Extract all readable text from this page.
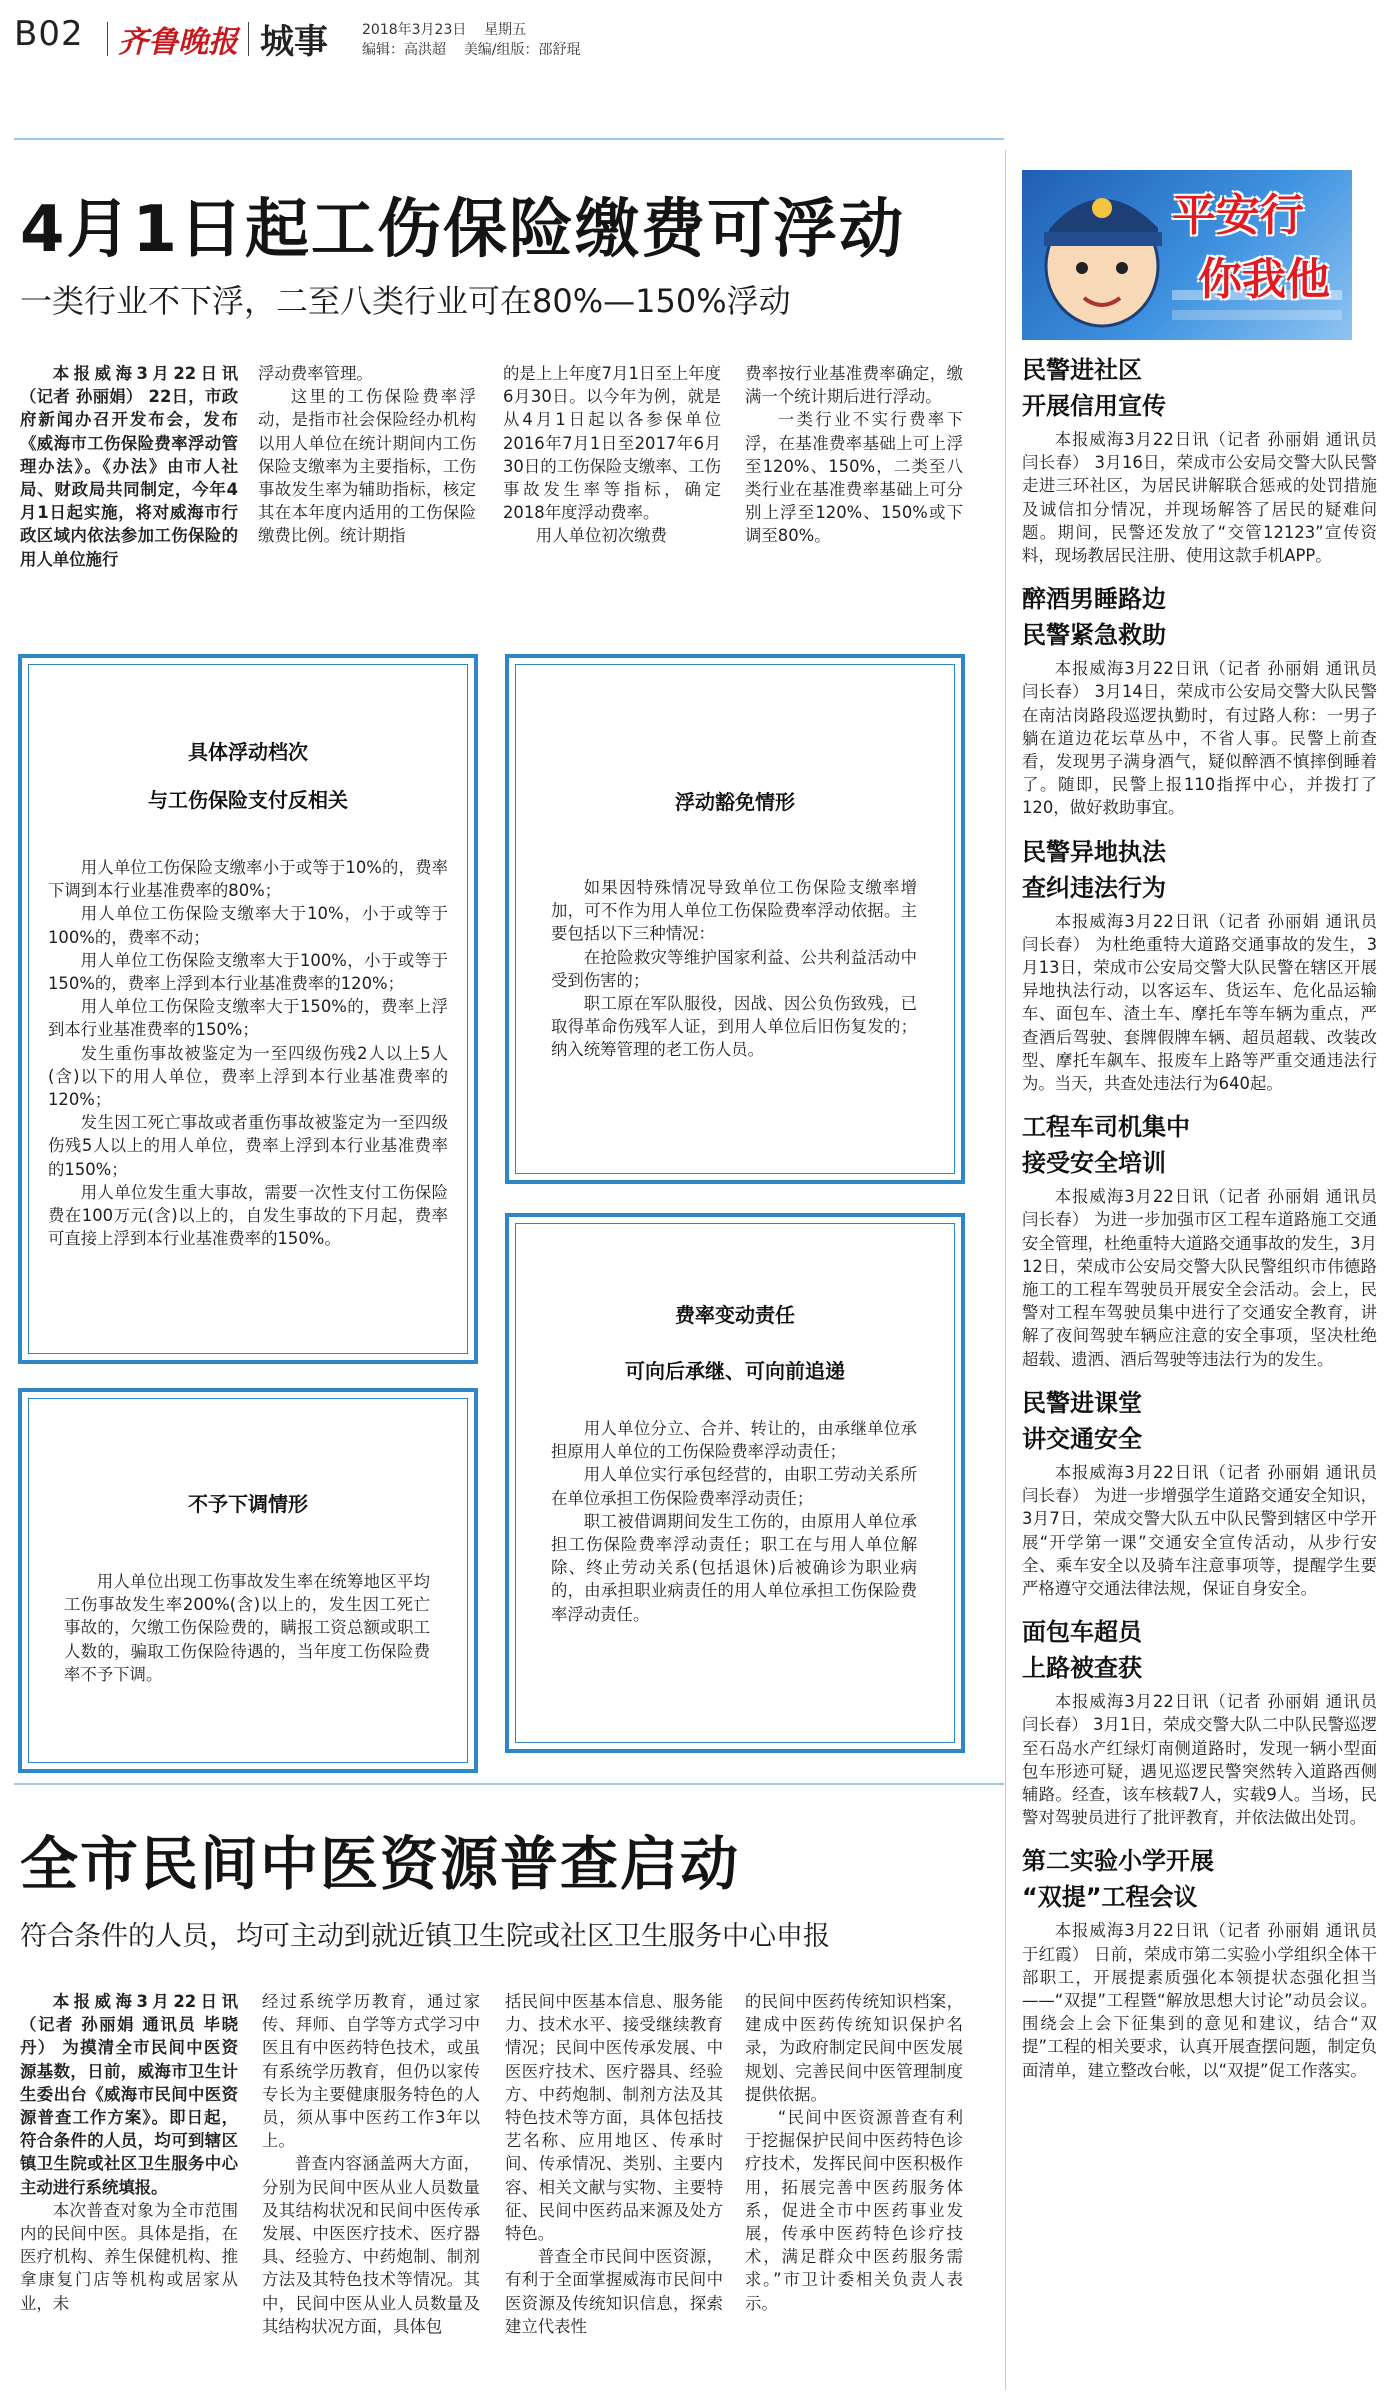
B02 齐鲁晚报 城事 2018年3月23日 星期五
编辑：高洪超 美编/组版：邵舒琨
4月1日起工伤保险缴费可浮动
一类行业不下浮，二至八类行业可在80%—150%浮动

本报威海3月22日讯 （记者 孙丽娟） 22日，市政府新闻办召开发布会，发布《威海市工伤保险费率浮动管理办法》。《办法》由市人社局、财政局共同制定，今年4月1日起实施，将对威海市行政区域内依法参加工伤保险的用人单位施行

浮动费率管理。

这里的工伤保险费率浮动，是指市社会保险经办机构以用人单位在统计期间内工伤保险支缴率为主要指标，工伤事故发生率为辅助指标，核定其在本年度内适用的工伤保险缴费比例。统计期指

的是上上年度7月1日至上年度6月30日。以今年为例，就是从4月1日起以各参保单位2016年7月1日至2017年6月30日的工伤保险支缴率、工伤事故发生率等指标，确定2018年度浮动费率。

用人单位初次缴费

费率按行业基准费率确定，缴满一个统计期后进行浮动。

一类行业不实行费率下浮，在基准费率基础上可上浮至120%、150%，二类至八类行业在基准费率基础上可分别上浮至120%、150%或下调至80%。

具体浮动档次
与工伤保险支付反相关

用人单位工伤保险支缴率小于或等于10%的，费率下调到本行业基准费率的80%；

用人单位工伤保险支缴率大于10%，小于或等于100%的，费率不动；

用人单位工伤保险支缴率大于100%，小于或等于150%的，费率上浮到本行业基准费率的120%；

用人单位工伤保险支缴率大于150%的，费率上浮到本行业基准费率的150%；

发生重伤事故被鉴定为一至四级伤残2人以上5人(含)以下的用人单位，费率上浮到本行业基准费率的120%；

发生因工死亡事故或者重伤事故被鉴定为一至四级伤残5人以上的用人单位，费率上浮到本行业基准费率的150%；

用人单位发生重大事故，需要一次性支付工伤保险费在100万元(含)以上的，自发生事故的下月起，费率可直接上浮到本行业基准费率的150%。

浮动豁免情形

如果因特殊情况导致单位工伤保险支缴率增加，可不作为用人单位工伤保险费率浮动依据。主要包括以下三种情况：

在抢险救灾等维护国家利益、公共利益活动中受到伤害的；

职工原在军队服役，因战、因公负伤致残，已取得革命伤残军人证，到用人单位后旧伤复发的；纳入统筹管理的老工伤人员。

不予下调情形

用人单位出现工伤事故发生率在统筹地区平均工伤事故发生率200%(含)以上的，发生因工死亡事故的，欠缴工伤保险费的，瞒报工资总额或职工人数的，骗取工伤保险待遇的，当年度工伤保险费率不予下调。

费率变动责任
可向后承继、可向前追递

用人单位分立、合并、转让的，由承继单位承担原用人单位的工伤保险费率浮动责任；

用人单位实行承包经营的，由职工劳动关系所在单位承担工伤保险费率浮动责任；

职工被借调期间发生工伤的，由原用人单位承担工伤保险费率浮动责任；职工在与用人单位解除、终止劳动关系(包括退休)后被确诊为职业病的，由承担职业病责任的用人单位承担工伤保险费率浮动责任。

全市民间中医资源普查启动
符合条件的人员，均可主动到就近镇卫生院或社区卫生服务中心申报

本报威海3月22日讯 （记者 孙丽娟 通讯员 毕晓丹） 为摸清全市民间中医资源基数，日前，威海市卫生计生委出台《威海市民间中医资源普查工作方案》。即日起，符合条件的人员，均可到辖区镇卫生院或社区卫生服务中心主动进行系统填报。

本次普查对象为全市范围内的民间中医。具体是指，在医疗机构、养生保健机构、推拿康复门店等机构或居家从业，未

经过系统学历教育，通过家传、拜师、自学等方式学习中医且有中医药特色技术，或虽有系统学历教育，但仍以家传专长为主要健康服务特色的人员，须从事中医药工作3年以上。

普查内容涵盖两大方面，分别为民间中医从业人员数量及其结构状况和民间中医传承发展、中医医疗技术、医疗器具、经验方、中药炮制、制剂方法及其特色技术等情况。其中，民间中医从业人员数量及其结构状况方面，具体包

括民间中医基本信息、服务能力、技术水平、接受继续教育情况；民间中医传承发展、中医医疗技术、医疗器具、经验方、中药炮制、制剂方法及其特色技术等方面，具体包括技艺名称、应用地区、传承时间、传承情况、类别、主要内容、相关文献与实物、主要特征、民间中医药品来源及处方特色。

普查全市民间中医资源，有利于全面掌握威海市民间中医资源及传统知识信息，探索建立代表性

的民间中医药传统知识档案，建成中医药传统知识保护名录，为政府制定民间中医发展规划、完善民间中医管理制度提供依据。

“民间中医资源普查有利于挖掘保护民间中医药特色诊疗技术，发挥民间中医积极作用，拓展完善中医药服务体系，促进全市中医药事业发展，传承中医药特色诊疗技术，满足群众中医药服务需求。”市卫计委相关负责人表示。

平安行
你我他
民警进社区
开展信用宣传

本报威海3月22日讯（记者 孙丽娟 通讯员 闫长春） 3月16日，荣成市公安局交警大队民警走进三环社区，为居民讲解联合惩戒的处罚措施及诚信扣分情况，并现场解答了居民的疑难问题。期间，民警还发放了“交管12123”宣传资料，现场教居民注册、使用这款手机APP。

醉酒男睡路边
民警紧急救助

本报威海3月22日讯（记者 孙丽娟 通讯员 闫长春） 3月14日，荣成市公安局交警大队民警在南沽岗路段巡逻执勤时，有过路人称：一男子躺在道边花坛草丛中，不省人事。民警上前查看，发现男子满身酒气，疑似醉酒不慎摔倒睡着了。随即，民警上报110指挥中心，并拨打了120，做好救助事宜。

民警异地执法
查纠违法行为

本报威海3月22日讯（记者 孙丽娟 通讯员 闫长春） 为杜绝重特大道路交通事故的发生，3月13日，荣成市公安局交警大队民警在辖区开展异地执法行动，以客运车、货运车、危化品运输车、面包车、渣土车、摩托车等车辆为重点，严查酒后驾驶、套牌假牌车辆、超员超载、改装改型、摩托车飙车、报废车上路等严重交通违法行为。当天，共查处违法行为640起。

工程车司机集中
接受安全培训

本报威海3月22日讯（记者 孙丽娟 通讯员 闫长春） 为进一步加强市区工程车道路施工交通安全管理，杜绝重特大道路交通事故的发生，3月12日，荣成市公安局交警大队民警组织市伟德路施工的工程车驾驶员开展安全会活动。会上，民警对工程车驾驶员集中进行了交通安全教育，讲解了夜间驾驶车辆应注意的安全事项，坚决杜绝超载、遗洒、酒后驾驶等违法行为的发生。

民警进课堂
讲交通安全

本报威海3月22日讯（记者 孙丽娟 通讯员 闫长春） 为进一步增强学生道路交通安全知识，3月7日，荣成交警大队五中队民警到辖区中学开展“开学第一课”交通安全宣传活动，从步行安全、乘车安全以及骑车注意事项等，提醒学生要严格遵守交通法律法规，保证自身安全。

面包车超员
上路被查获

本报威海3月22日讯（记者 孙丽娟 通讯员 闫长春） 3月1日，荣成交警大队二中队民警巡逻至石岛水产红绿灯南侧道路时，发现一辆小型面包车形迹可疑，遇见巡逻民警突然转入道路西侧辅路。经查，该车核载7人，实载9人。当场，民警对驾驶员进行了批评教育，并依法做出处罚。

第二实验小学开展
“双提”工程会议

本报威海3月22日讯（记者 孙丽娟 通讯员 于红霞） 日前，荣成市第二实验小学组织全体干部职工，开展提素质强化本领提状态强化担当——“双提”工程暨“解放思想大讨论”动员会议。围绕会上会下征集到的意见和建议，结合“双提”工程的相关要求，认真开展查摆问题，制定负面清单，建立整改台帐，以“双提”促工作落实。
